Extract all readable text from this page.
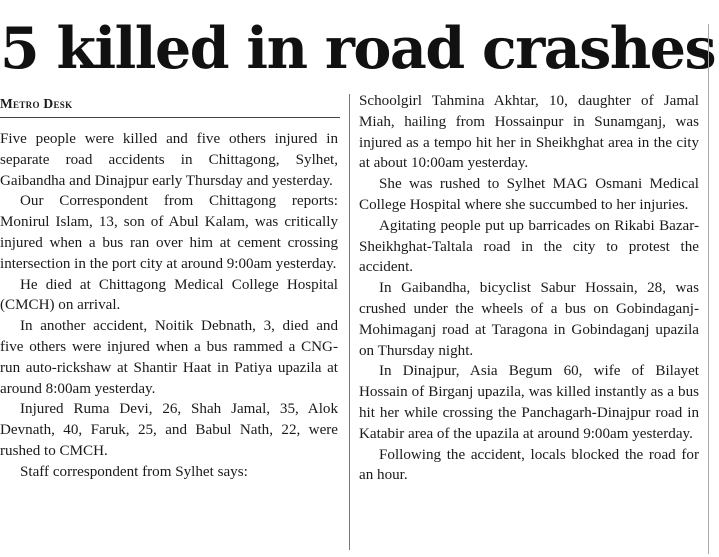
5 killed in road crashes
Metro Desk

Five people were killed and five others injured in separate road accidents in Chittagong, Sylhet, Gaibandha and Dinajpur early Thursday and yesterday.

Our Correspondent from Chittagong reports: Monirul Islam, 13, son of Abul Kalam, was critically injured when a bus ran over him at cement crossing intersection in the port city at around 9:00am yesterday.

He died at Chittagong Medical College Hospital (CMCH) on arrival.

In another accident, Noitik Debnath, 3, died and five others were injured when a bus rammed a CNG-run auto-rickshaw at Shantir Haat in Patiya upazila at around 8:00am yesterday.

Injured Ruma Devi, 26, Shah Jamal, 35, Alok Devnath, 40, Faruk, 25, and Babul Nath, 22, were rushed to CMCH.

Staff correspondent from Sylhet says:

Schoolgirl Tahmina Akhtar, 10, daughter of Jamal Miah, hailing from Hossainpur in Sunamganj, was injured as a tempo hit her in Sheikhghat area in the city at about 10:00am yesterday.

She was rushed to Sylhet MAG Osmani Medical College Hospital where she succumbed to her injuries.

Agitating people put up barricades on Rikabi Bazar-Sheikhghat-Taltala road in the city to protest the accident.

In Gaibandha, bicyclist Sabur Hossain, 28, was crushed under the wheels of a bus on Gobindaganj-Mohimaganj road at Taragona in Gobindaganj upazila on Thursday night.

In Dinajpur, Asia Begum 60, wife of Bilayet Hossain of Birganj upazila, was killed instantly as a bus hit her while crossing the Panchagarh-Dinajpur road in Katabir area of the upazila at around 9:00am yesterday.

Following the accident, locals blocked the road for an hour.
